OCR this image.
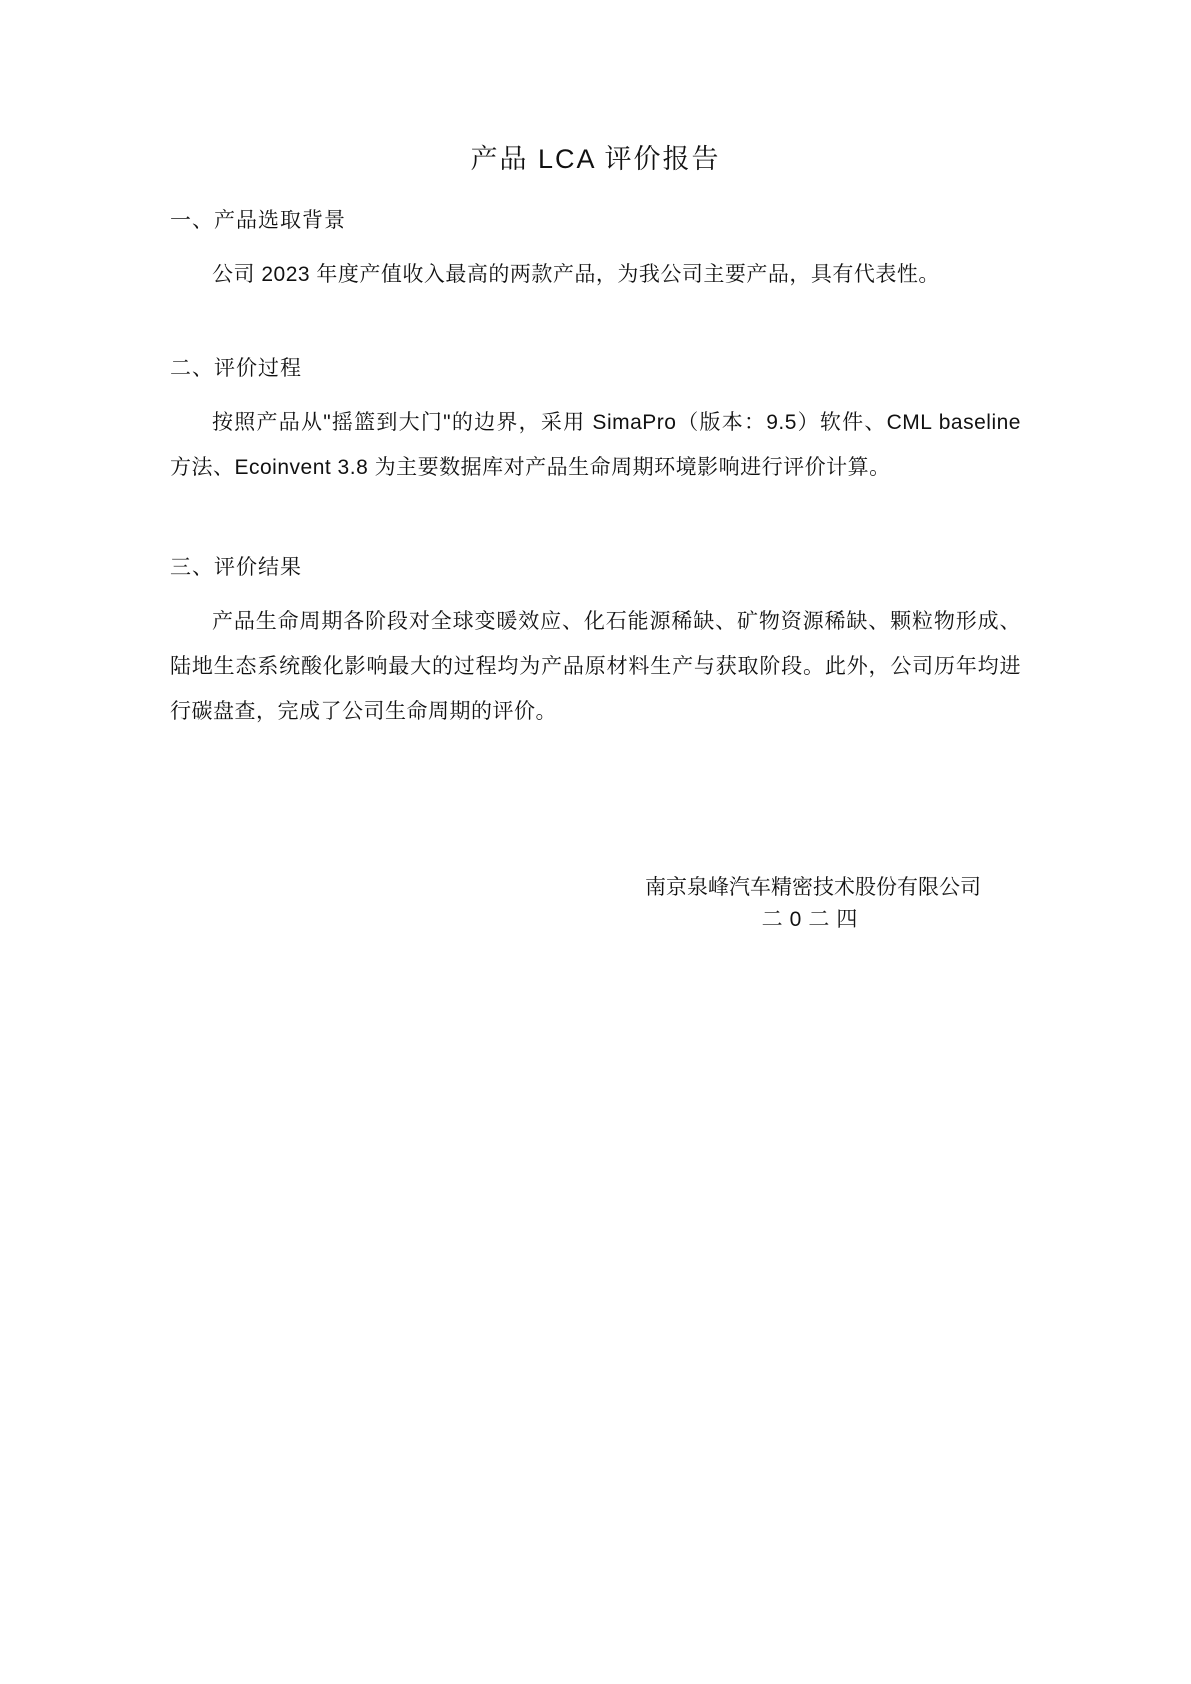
产品 LCA 评价报告
一、产品选取背景

公司 2023 年度产值收入最高的两款产品，为我公司主要产品，具有代表性。

二、评价过程

按照产品从"摇篮到大门"的边界，采用 SimaPro（版本：9.5）软件、CML baseline 方法、Ecoinvent 3.8 为主要数据库对产品生命周期环境影响进行评价计算。

三、评价结果

产品生命周期各阶段对全球变暖效应、化石能源稀缺、矿物资源稀缺、颗粒物形成、陆地生态系统酸化影响最大的过程均为产品原材料生产与获取阶段。此外，公司历年均进行碳盘查，完成了公司生命周期的评价。

南京泉峰汽车精密技术股份有限公司
二0二四
